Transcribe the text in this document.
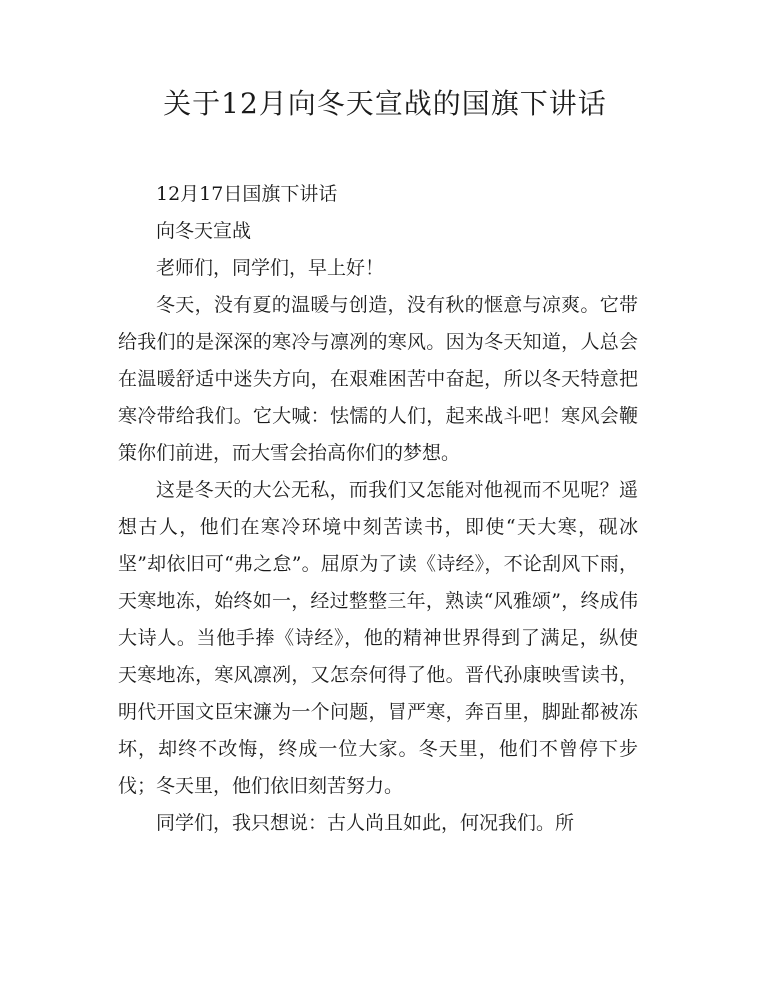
关于12月向冬天宣战的国旗下讲话

12月17日国旗下讲话

向冬天宣战

老师们，同学们，早上好！

冬天，没有夏的温暖与创造，没有秋的惬意与凉爽。它带给我们的是深深的寒冷与凛冽的寒风。因为冬天知道，人总会在温暖舒适中迷失方向，在艰难困苦中奋起，所以冬天特意把寒冷带给我们。它大喊：怯懦的人们，起来战斗吧！寒风会鞭策你们前进，而大雪会抬高你们的梦想。

这是冬天的大公无私，而我们又怎能对他视而不见呢？遥想古人，他们在寒冷环境中刻苦读书，即使“天大寒，砚冰坚”却依旧可“弗之怠”。屈原为了读《诗经》，不论刮风下雨，天寒地冻，始终如一，经过整整三年，熟读“风雅颂”，终成伟大诗人。当他手捧《诗经》，他的精神世界得到了满足，纵使天寒地冻，寒风凛冽，又怎奈何得了他。晋代孙康映雪读书，明代开国文臣宋濂为一个问题，冒严寒，奔百里，脚趾都被冻坏，却终不改悔，终成一位大家。冬天里，他们不曾停下步伐；冬天里，他们依旧刻苦努力。

同学们，我只想说：古人尚且如此，何况我们。所
